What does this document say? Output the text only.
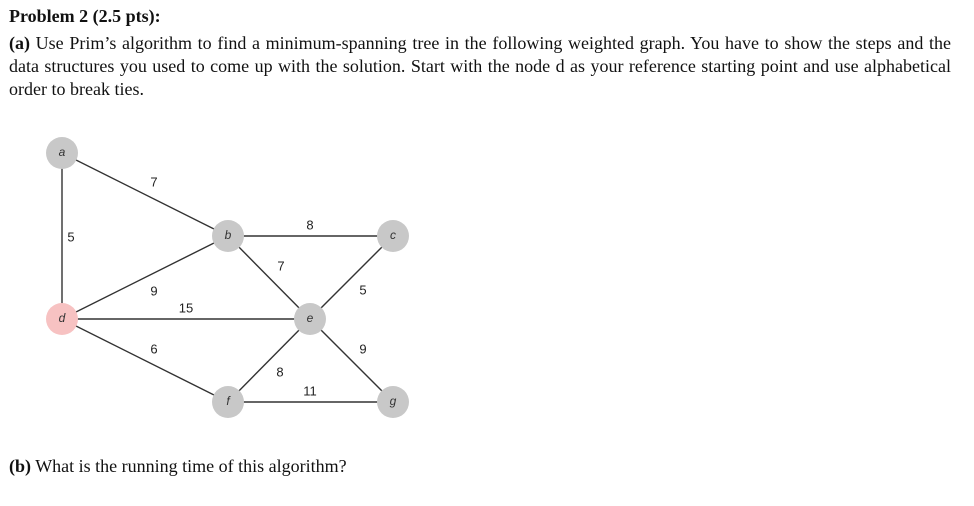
Problem 2 (2.5 pts):
(a) Use Prim’s algorithm to find a minimum-spanning tree in the following weighted graph. You have to show the steps and the data structures you used to come up with the solution. Start with the node d as your reference starting point and use alphabetical order to break ties.
7
5
8
9
7
5
15
6
8
9
11
a
b	c
d	e
f	g
(b) What is the running time of this algorithm?
